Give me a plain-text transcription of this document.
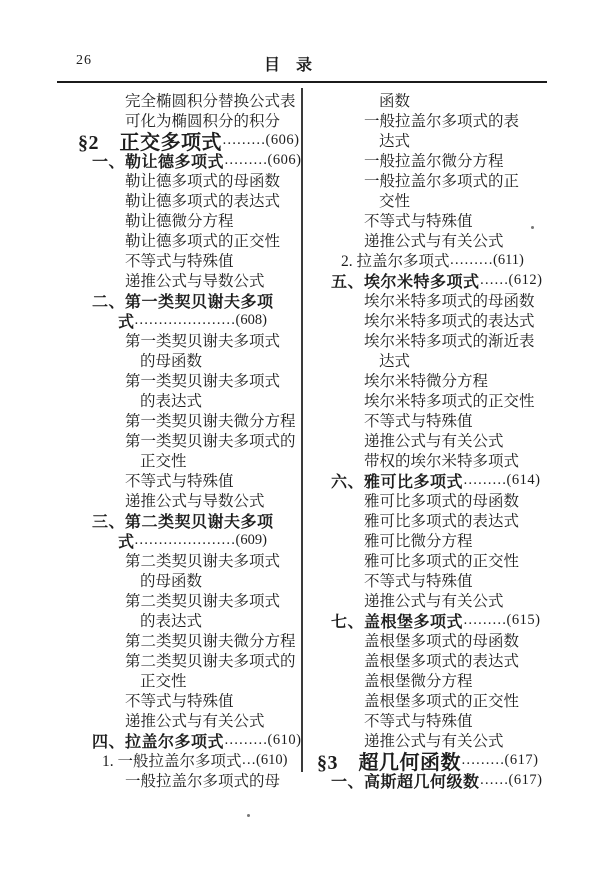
26	目　录
完全椭圆积分替换公式表
可化为椭圆积分的积分
§2　正交多项式 ……… (606)
一、勒让德多项式 ……… (606)
勒让德多项式的母函数
勒让德多项式的表达式
勒让德微分方程
勒让德多项式的正交性
不等式与特殊值
递推公式与导数公式
二、第一类契贝谢夫多项
式 ………………… (608)
第一类契贝谢夫多项式
的母函数
第一类契贝谢夫多项式
的表达式
第一类契贝谢夫微分方程
第一类契贝谢夫多项式的
正交性
不等式与特殊值
递推公式与导数公式
三、第二类契贝谢夫多项
式 ………………… (609)
第二类契贝谢夫多项式
的母函数
第二类契贝谢夫多项式
的表达式
第二类契贝谢夫微分方程
第二类契贝谢夫多项式的
正交性
不等式与特殊值
递推公式与有关公式
四、拉盖尔多项式 ……… (610)
1. 一般拉盖尔多项式 … (610)
一般拉盖尔多项式的母
函数
一般拉盖尔多项式的表
达式
一般拉盖尔微分方程
一般拉盖尔多项式的正
交性
不等式与特殊值
递推公式与有关公式
2. 拉盖尔多项式 ……… (611)
五、埃尔米特多项式 …… (612)
埃尔米特多项式的母函数
埃尔米特多项式的表达式
埃尔米特多项式的渐近表
达式
埃尔米特微分方程
埃尔米特多项式的正交性
不等式与特殊值
递推公式与有关公式
带权的埃尔米特多项式
六、雅可比多项式 ……… (614)
雅可比多项式的母函数
雅可比多项式的表达式
雅可比微分方程
雅可比多项式的正交性
不等式与特殊值
递推公式与有关公式
七、盖根堡多项式 ……… (615)
盖根堡多项式的母函数
盖根堡多项式的表达式
盖根堡微分方程
盖根堡多项式的正交性
不等式与特殊值
递推公式与有关公式
§3　超几何函数 ……… (617)
一、高斯超几何级数 …… (617)
